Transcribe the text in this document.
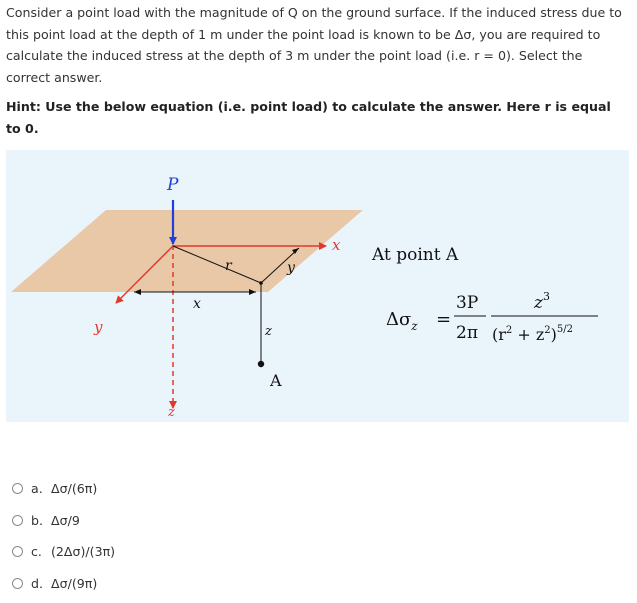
Consider a point load with the magnitude of Q on the ground surface. If the induced stress due to this point load at the depth of 1 m under the point load is known to be Δσ, you are required to calculate the induced stress at the depth of 3 m under the point load (i.e. r = 0). Select the correct answer.
Hint: Use the below equation (i.e. point load) to calculate the answer. Here r is equal to 0.
P
x
y
z
r
x
y
z
A
At point A
$\Delta\sigma_z$ =
3P
2π
$z^3$
$(r^2 + z^2)^{5/2}$
a. Δσ/(6π)
b. Δσ/9
c. (2Δσ)/(3π)
d. Δσ/(9π)
